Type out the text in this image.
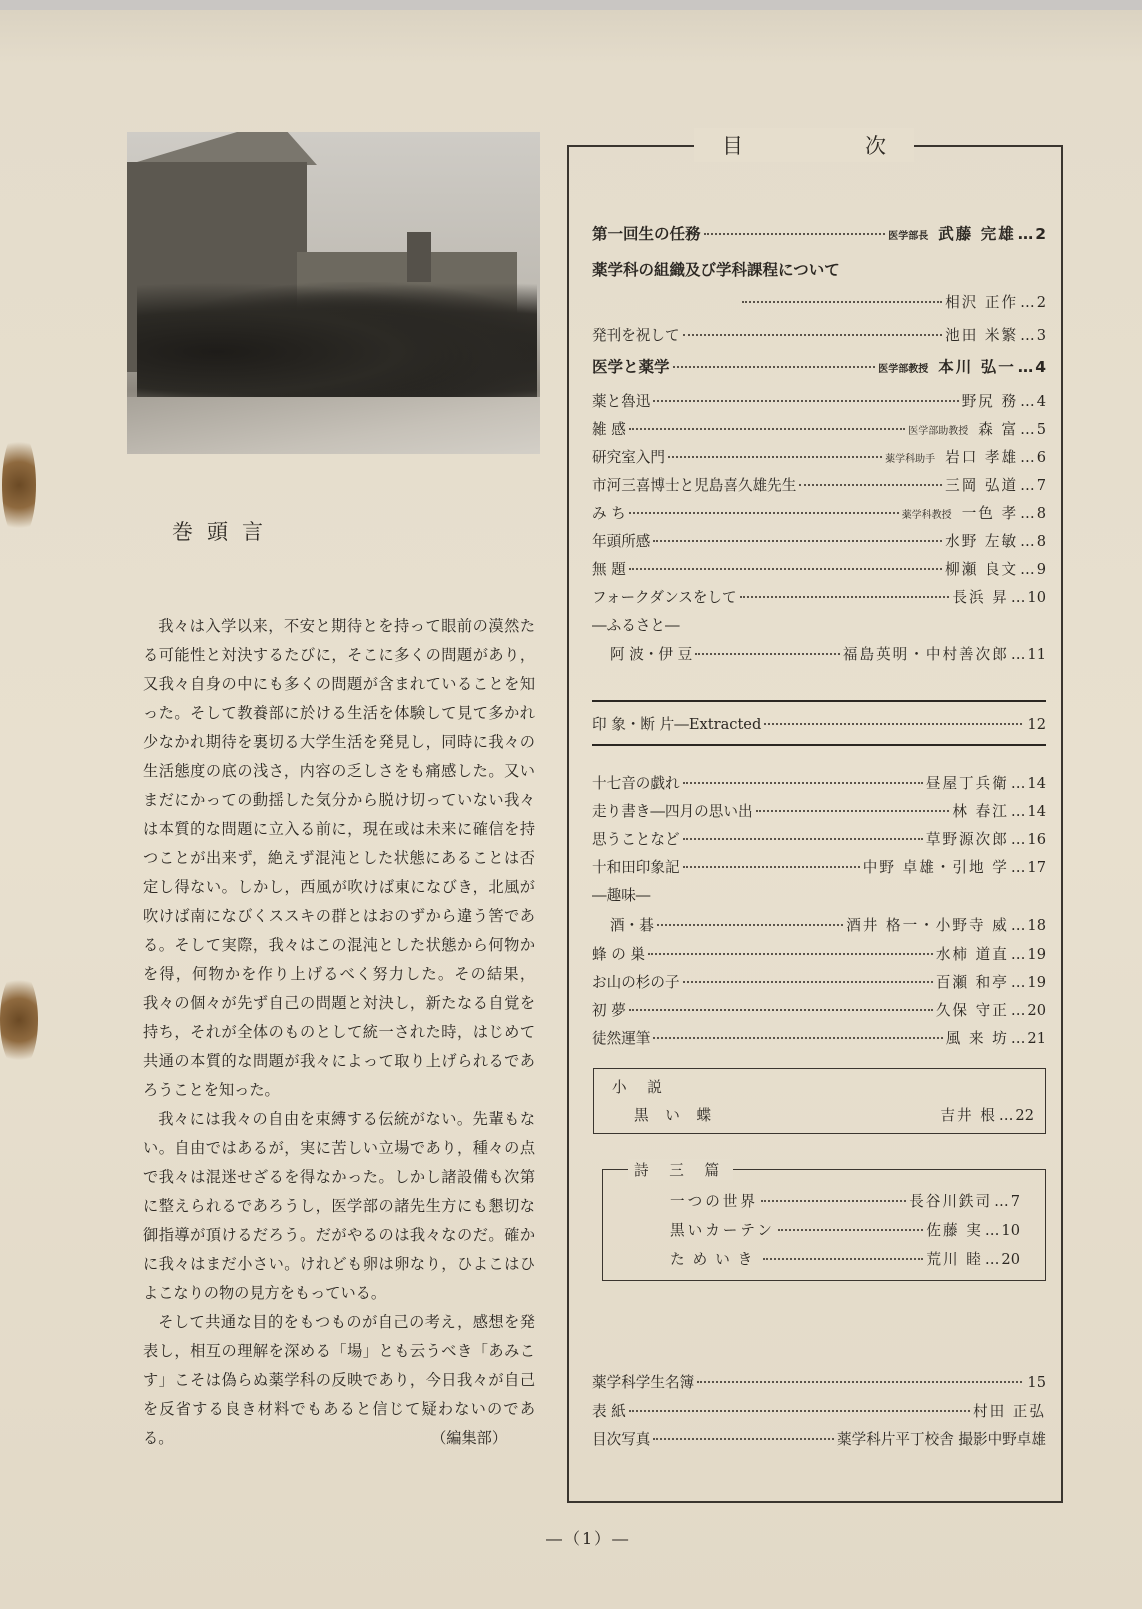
巻頭言

我々は入学以来，不安と期待とを持って眼前の漠然たる可能性と対決するたびに，そこに多くの問題があり，又我々自身の中にも多くの問題が含まれていることを知った。そして教養部に於ける生活を体験して見て多かれ少なかれ期待を裏切る大学生活を発見し，同時に我々の生活態度の底の浅さ，内容の乏しさをも痛感した。又いまだにかっての動揺した気分から脱け切っていない我々は本質的な問題に立入る前に，現在或は未来に確信を持つことが出来ず，絶えず混沌とした状態にあることは否定し得ない。しかし，西風が吹けば東になびき，北風が吹けば南になびくススキの群とはおのずから違う筈である。そして実際，我々はこの混沌とした状態から何物かを得，何物かを作り上げるべく努力した。その結果，我々の個々が先ず自己の問題と対決し，新たなる自覚を持ち，それが全体のものとして統一された時，はじめて共通の本質的な問題が我々によって取り上げられるであろうことを知った。

我々には我々の自由を束縛する伝統がない。先輩もない。自由ではあるが，実に苦しい立場であり，種々の点で我々は混迷せざるを得なかった。しかし諸設備も次第に整えられるであろうし，医学部の諸先生方にも懇切な御指導が頂けるだろう。だがやるのは我々なのだ。確かに我々はまだ小さい。けれども卵は卵なり，ひよこはひよこなりの物の見方をもっている。

そして共通な目的をもつものが自己の考え，感想を発表し，相互の理解を深める「場」とも云うべき「あみこす」こそは偽らぬ薬学科の反映であり，今日我々が自己を反省する良き材料でもあると信じて疑わないのである。	（編集部）

目	次
第一回生の任務	医学部長 武藤 完雄 … 2
薬学科の組織及び学科課程について
相沢 正作 … 2
発刊を祝して	池田 米繁 … 3
医学と薬学	医学部教授 本川 弘一 … 4
薬と魯迅	野尻 務 … 4
雑 感	医学部助教授 森 富 … 5
研究室入門	薬学科助手 岩口 孝雄 … 6
市河三喜博士と児島喜久雄先生	三岡 弘道 … 7
み ち	薬学科教授 一色 孝 … 8
年頭所感	水野 左敏 … 8
無 題	柳瀬 良文 … 9
フォークダンスをして	長浜 昇 … 10
―ふるさと―
阿 波・伊 豆	福島英明・中村善次郎 … 11
印 象・断 片―Extracted	12
十七音の戯れ	昼屋丁兵衛 … 14
走り書き―四月の思い出	林 春江 … 14
思うことなど	草野源次郎 … 16
十和田印象記	中野 卓雄・引地 学 … 17
―趣味―
酒・碁	酒井 格一・小野寺 威 … 18
蜂 の 巣	水柿 道直 … 19
お山の杉の子	百瀬 和亭 … 19
初 夢	久保 守正 … 20
徒然運筆	風 来 坊 … 21
小 説
黒 い 蝶	吉井 根 … 22
詩 三 篇
一つの世界	長谷川鉄司 … 7
黒いカーテン	佐藤 実 … 10
ためいき	荒川 睦 … 20
薬学科学生名簿	15
表 紙	村田 正弘
目次写真	薬学科片平丁校舎 撮影中野卓雄
―（1）―
